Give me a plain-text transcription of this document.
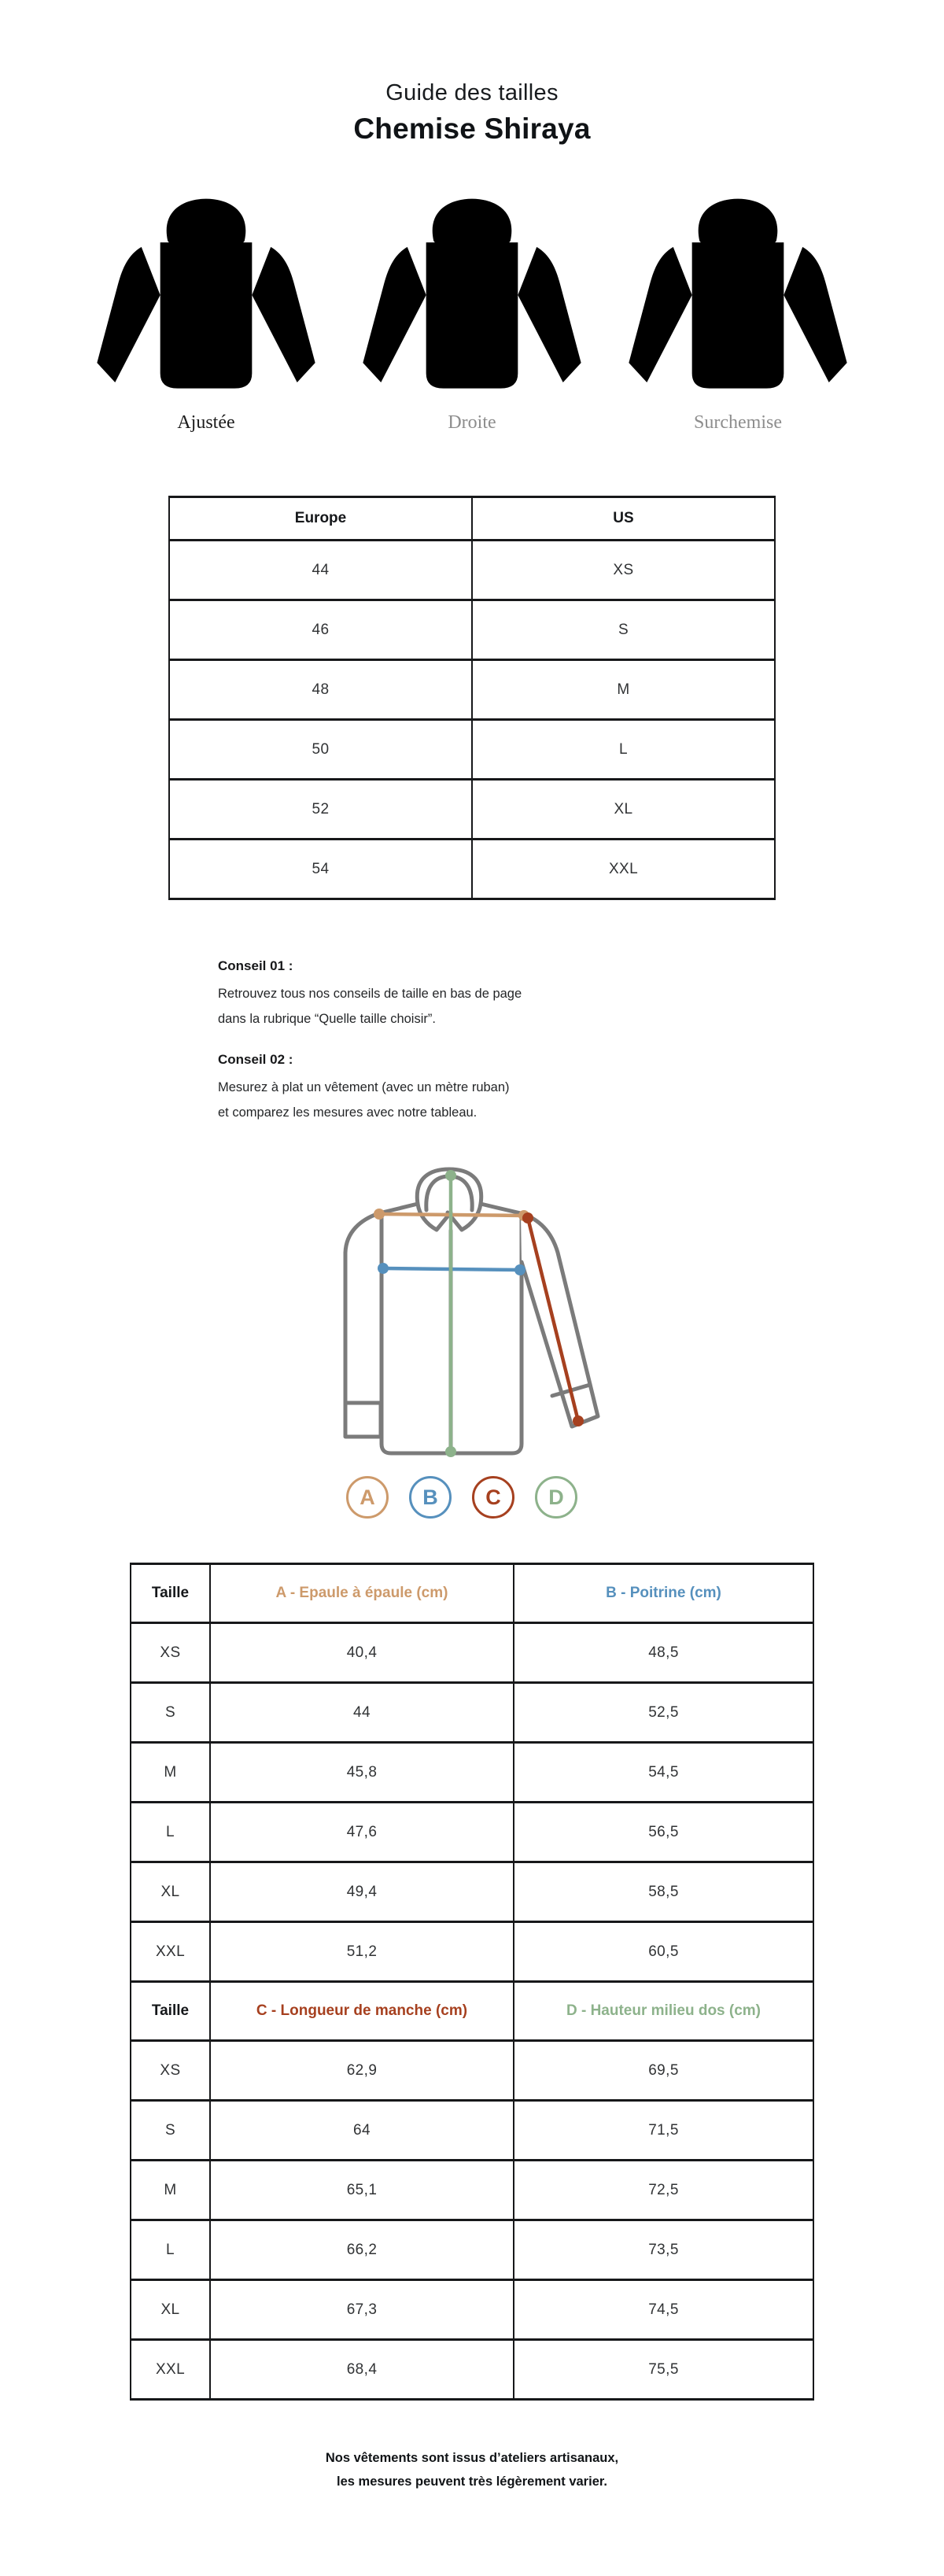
Guide des tailles
Chemise Shiraya
Ajustée	Droite	Surchemise
Europe	US
44	XS
46	S
48	M
50	L
52	XL
54	XXL
Conseil 01 :
Retrouvez tous nos conseils de taille en bas de page
dans la rubrique “Quelle taille choisir”.
Conseil 02 :
Mesurez à plat un vêtement (avec un mètre ruban)
et comparez les mesures avec notre tableau.
A B C D
Taille	A - Epaule à épaule (cm)	B - Poitrine (cm)
XS	40,4	48,5
S	44	52,5
M	45,8	54,5
L	47,6	56,5
XL	49,4	58,5
XXL	51,2	60,5
Taille	C - Longueur de manche (cm)	D - Hauteur milieu dos (cm)
XS	62,9	69,5
S	64	71,5
M	65,1	72,5
L	66,2	73,5
XL	67,3	74,5
XXL	68,4	75,5
Nos vêtements sont issus d’ateliers artisanaux,
les mesures peuvent très légèrement varier.
